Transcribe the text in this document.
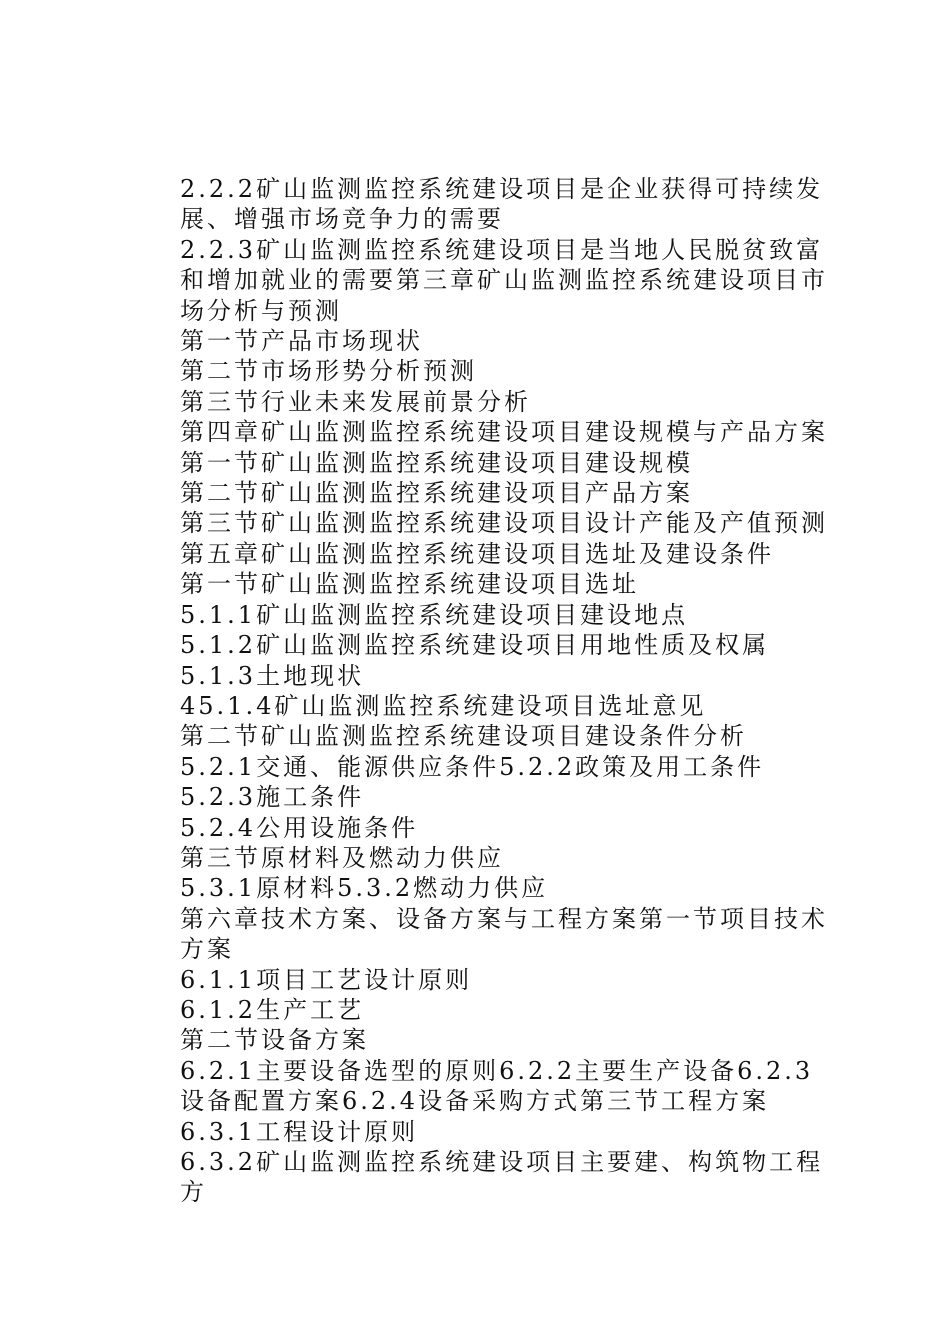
2.2.2矿山监测监控系统建设项目是企业获得可持续发展、增强市场竞争力的需要

2.2.3矿山监测监控系统建设项目是当地人民脱贫致富和增加就业的需要第三章矿山监测监控系统建设项目市场分析与预测

第一节产品市场现状

第二节市场形势分析预测

第三节行业未来发展前景分析

第四章矿山监测监控系统建设项目建设规模与产品方案

第一节矿山监测监控系统建设项目建设规模

第二节矿山监测监控系统建设项目产品方案

第三节矿山监测监控系统建设项目设计产能及产值预测

第五章矿山监测监控系统建设项目选址及建设条件

第一节矿山监测监控系统建设项目选址

5.1.1矿山监测监控系统建设项目建设地点

5.1.2矿山监测监控系统建设项目用地性质及权属

5.1.3土地现状

45.1.4矿山监测监控系统建设项目选址意见

第二节矿山监测监控系统建设项目建设条件分析

5.2.1交通、能源供应条件5.2.2政策及用工条件

5.2.3施工条件

5.2.4公用设施条件

第三节原材料及燃动力供应

5.3.1原材料5.3.2燃动力供应

第六章技术方案、设备方案与工程方案第一节项目技术方案

6.1.1项目工艺设计原则

6.1.2生产工艺

第二节设备方案

6.2.1主要设备选型的原则6.2.2主要生产设备6.2.3设备配置方案6.2.4设备采购方式第三节工程方案

6.3.1工程设计原则

6.3.2矿山监测监控系统建设项目主要建、构筑物工程方
